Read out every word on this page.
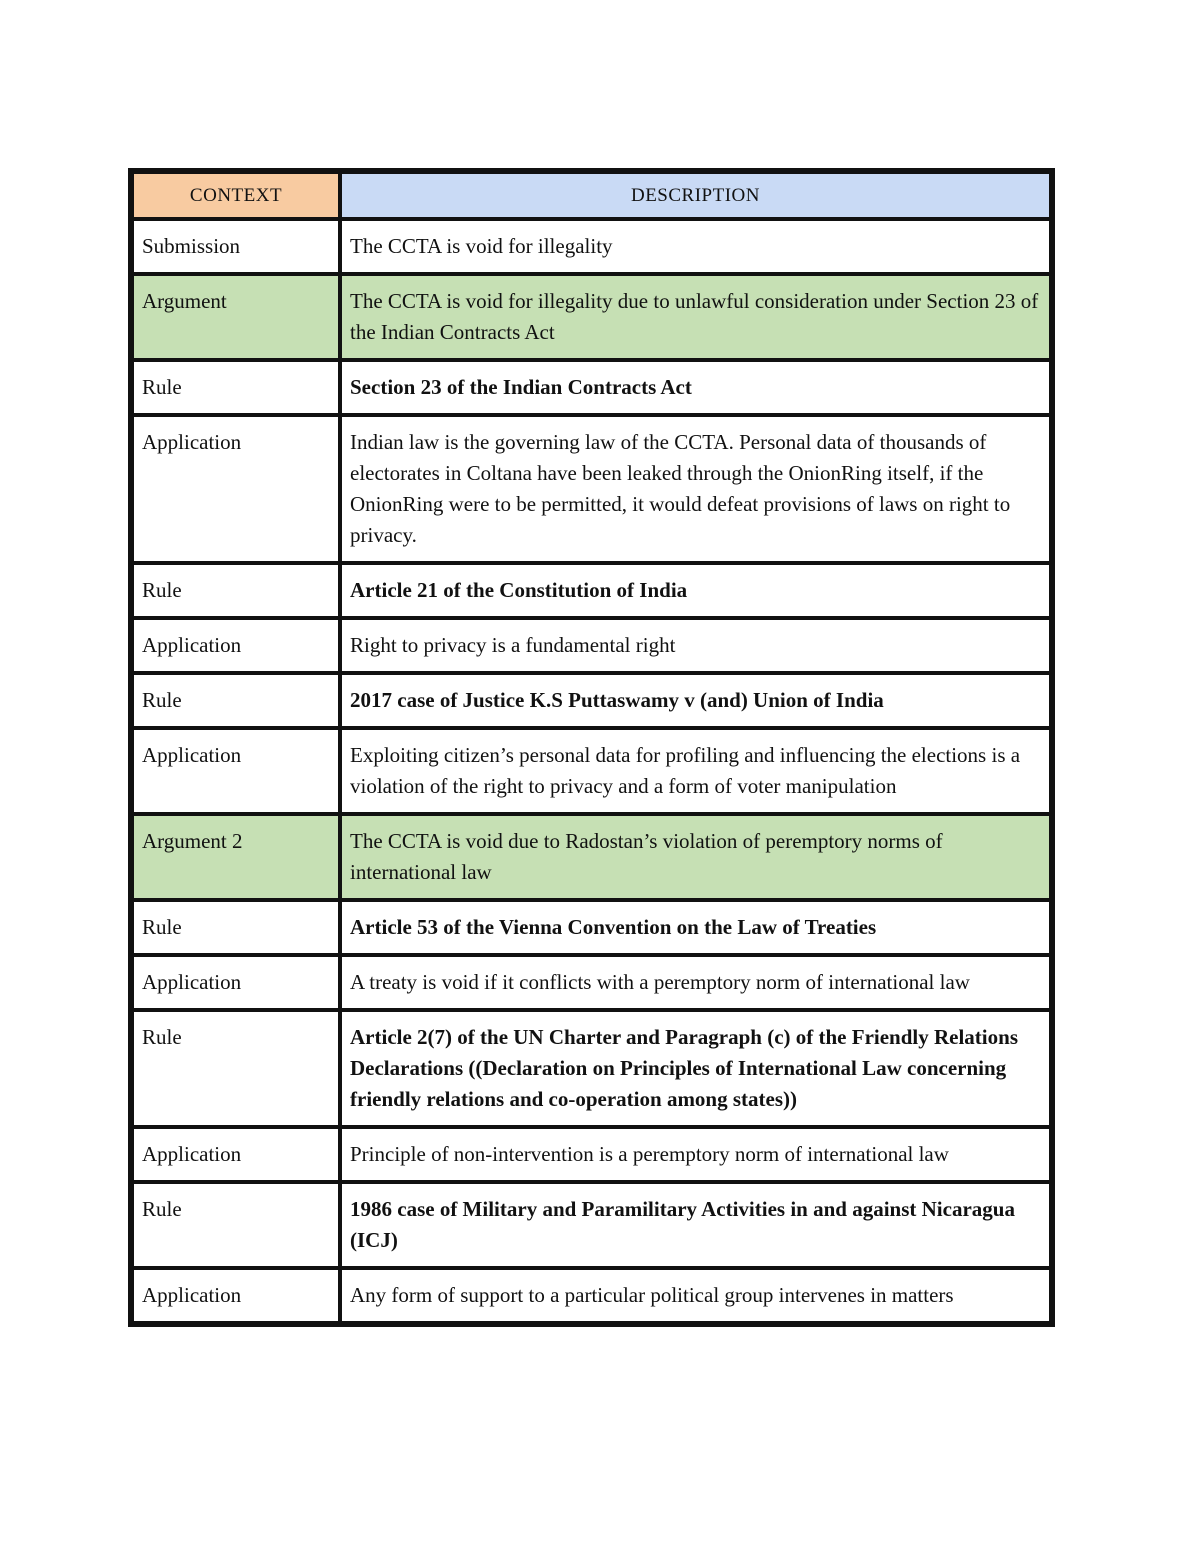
CONTEXT	DESCRIPTION
Submission	The CCTA is void for illegality
Argument	The CCTA is void for illegality due to unlawful consideration under Section 23 of the Indian Contracts Act
Rule	Section 23 of the Indian Contracts Act
Application	Indian law is the governing law of the CCTA. Personal data of thousands of electorates in Coltana have been leaked through the OnionRing itself, if the OnionRing were to be permitted, it would defeat provisions of laws on right to privacy.
Rule	Article 21 of the Constitution of India
Application	Right to privacy is a fundamental right
Rule	2017 case of Justice K.S Puttaswamy v (and) Union of India
Application	Exploiting citizen’s personal data for profiling and influencing the elections is a violation of the right to privacy and a form of voter manipulation
Argument 2	The CCTA is void due to Radostan’s violation of peremptory norms of international law
Rule	Article 53 of the Vienna Convention on the Law of Treaties
Application	A treaty is void if it conflicts with a peremptory norm of international law
Rule	Article 2(7) of the UN Charter and Paragraph (c) of the Friendly Relations Declarations ((Declaration on Principles of International Law concerning friendly relations and co-operation among states))
Application	Principle of non-intervention is a peremptory norm of international law
Rule	1986 case of Military and Paramilitary Activities in and against Nicaragua (ICJ)
Application	Any form of support to a particular political group intervenes in matters
